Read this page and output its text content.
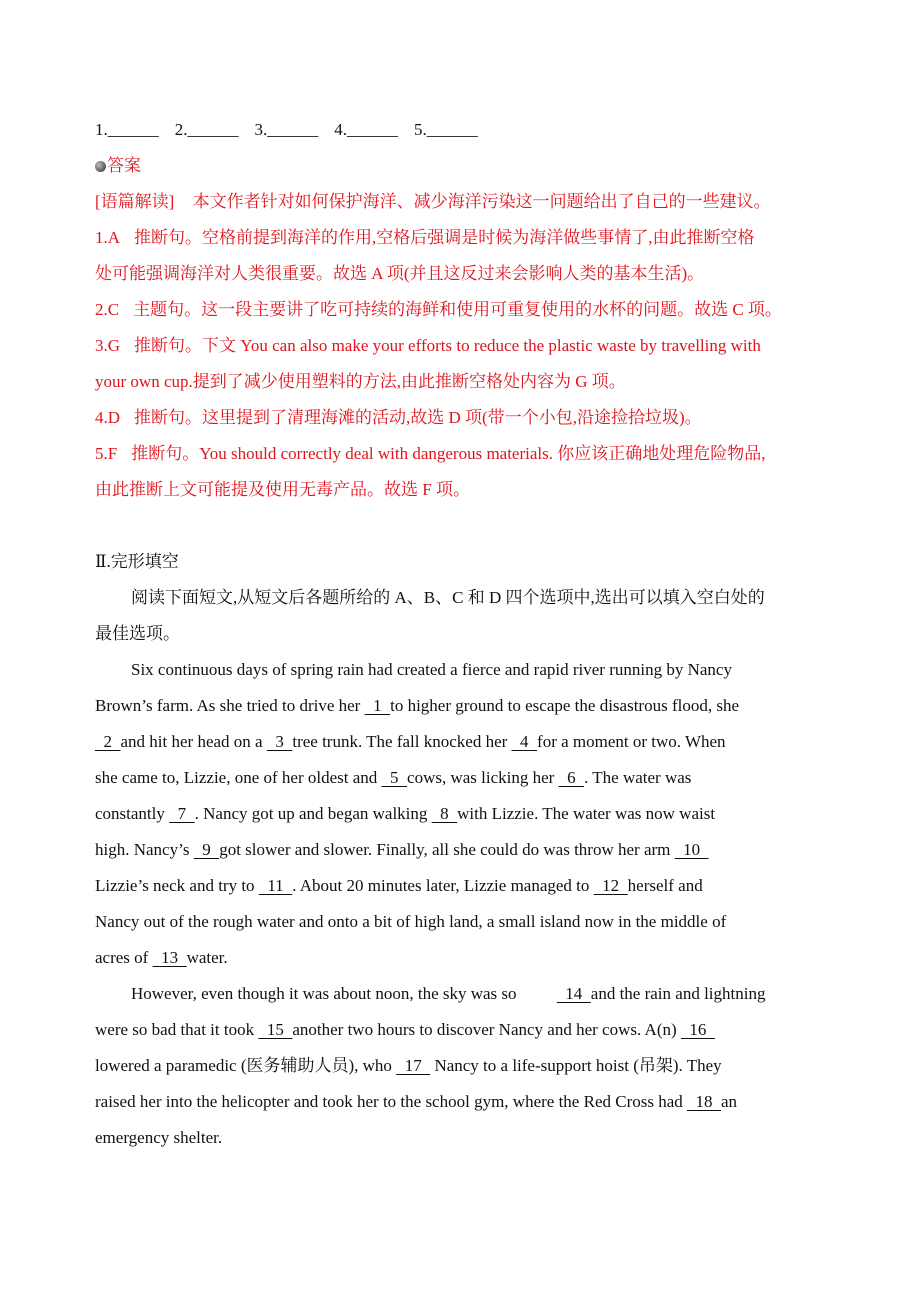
1.______ 2.______ 3.______ 4.______ 5.______
答案
[语篇解读] 本文作者针对如何保护海洋、减少海洋污染这一问题给出了自己的一些建议。
1.A 推断句。空格前提到海洋的作用,空格后强调是时候为海洋做些事情了,由此推断空格
处可能强调海洋对人类很重要。故选 A 项(并且这反过来会影响人类的基本生活)。
2.C 主题句。这一段主要讲了吃可持续的海鲜和使用可重复使用的水杯的问题。故选 C 项。
3.G 推断句。下文 You can also make your efforts to reduce the plastic waste by travelling with
your own cup.提到了减少使用塑料的方法,由此推断空格处内容为 G 项。
4.D 推断句。这里提到了清理海滩的活动,故选 D 项(带一个小包,沿途捡拾垃圾)。
5.F 推断句。You should correctly deal with dangerous materials. 你应该正确地处理危险物品,
由此推断上文可能提及使用无毒产品。故选 F 项。
Ⅱ.完形填空
阅读下面短文,从短文后各题所给的 A、B、C 和 D 四个选项中,选出可以填入空白处的
最佳选项。
Six continuous days of spring rain had created a fierce and rapid river running by Nancy
Brown’s farm. As she tried to drive her   1  to higher ground to escape the disastrous flood, she
2  and hit her head on a   3  tree trunk. The fall knocked her   4  for a moment or two. When
she came to, Lizzie, one of her oldest and   5  cows, was licking her   6  . The water was
constantly   7  . Nancy got up and began walking   8  with Lizzie. The water was now waist
high. Nancy’s   9  got slower and slower. Finally, all she could do was throw her arm   10
Lizzie’s neck and try to   11  . About 20 minutes later, Lizzie managed to   12  herself and
Nancy out of the rough water and onto a bit of high land, a small island now in the middle of
acres of   13  water.
However, even though it was about noon, the sky was so   14  and the rain and lightning
were so bad that it took   15  another two hours to discover Nancy and her cows. A(n)   16
lowered a paramedic (医务辅助人员), who   17   Nancy to a life-support hoist (吊架). They
raised her into the helicopter and took her to the school gym, where the Red Cross had   18  an
emergency shelter.
